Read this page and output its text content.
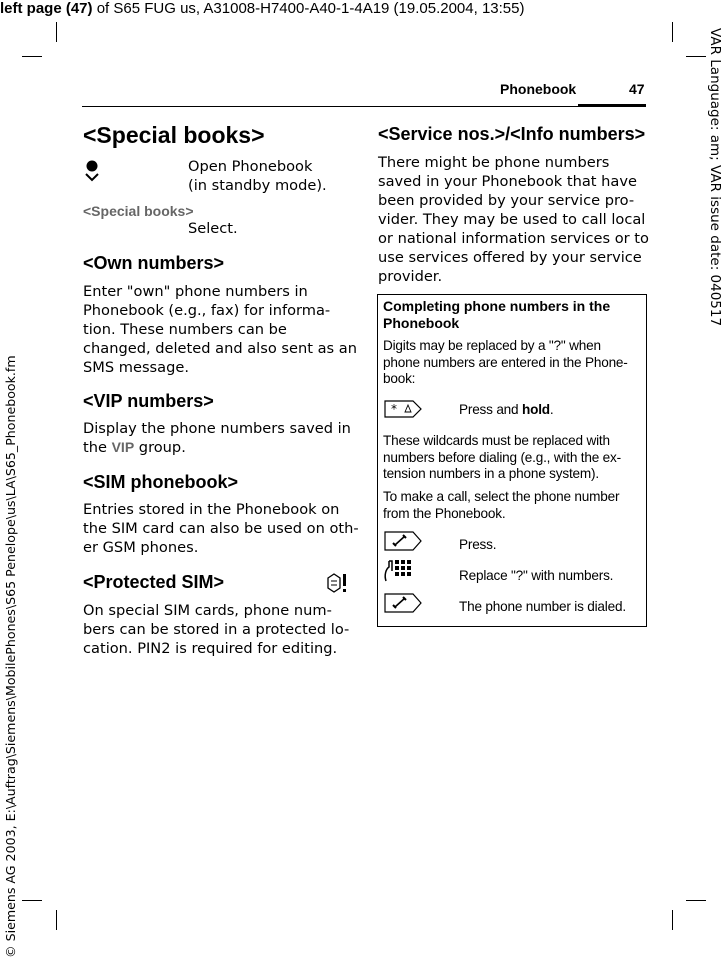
left page (47) of S65 FUG us, A31008-H7400-A40-1-4A19 (19.05.2004, 13:55)
VAR Language: am; VAR issue date: 040517
© Siemens AG 2003, E:\Auftrag\Siemens\MobilePhones\S65 Penelope\us\LA\S65_Phonebook.fm
Phonebook	47
<Special books>
Open Phonebook
(in standby mode).
<Special books>
Select.
<Own numbers>
Enter "own" phone numbers in
Phonebook (e.g., fax) for informa-
tion. These numbers can be
changed, deleted and also sent as an
SMS message.
<VIP numbers>
Display the phone numbers saved in
the VIP group.
<SIM phonebook>
Entries stored in the Phonebook on
the SIM card can also be used on oth-
er GSM phones.
<Protected SIM>
On special SIM cards, phone num-
bers can be stored in a protected lo-
cation. PIN2 is required for editing.
<Service nos.>/<Info numbers>
There might be phone numbers
saved in your Phonebook that have
been provided by your service pro-
vider. They may be used to call local
or national information services or to
use services offered by your service
provider.
Completing phone numbers in the
Phonebook
Digits may be replaced by a "?" when
phone numbers are entered in the Phone-
book:
*	Press and hold.
These wildcards must be replaced with
numbers before dialing (e.g., with the ex-
tension numbers in a phone system).
To make a call, select the phone number
from the Phonebook.
Press.
Replace "?" with numbers.
The phone number is dialed.
